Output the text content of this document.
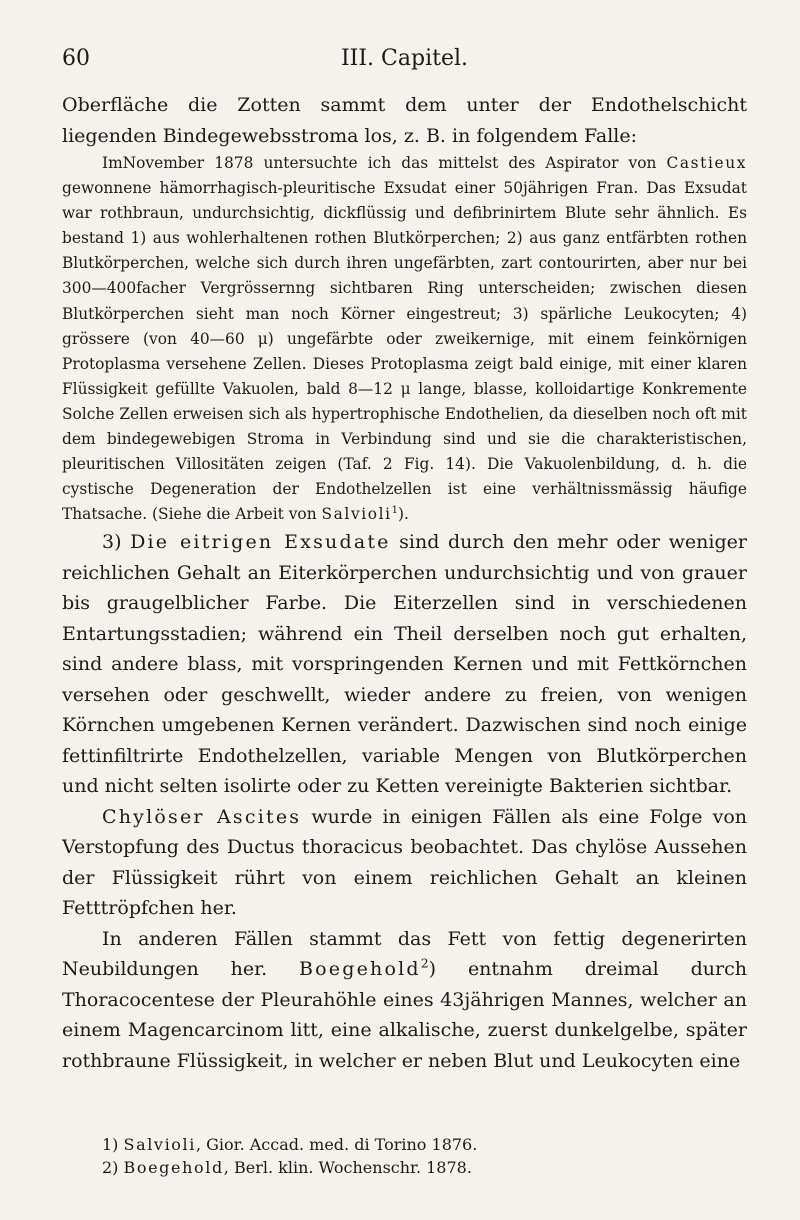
60	III. Capitel.

Oberfläche die Zotten sammt dem unter der Endothelschicht liegenden Bindegewebsstroma los, z. B. in folgendem Falle:

ImNovember 1878 untersuchte ich das mittelst des Aspirator von Castieux gewonnene hämorrhagisch-pleuritische Exsudat einer 50jährigen Fran. Das Exsudat war rothbraun, undurchsichtig, dickflüssig und defibrinirtem Blute sehr ähnlich. Es bestand 1) aus wohlerhaltenen rothen Blutkörperchen; 2) aus ganz entfärbten rothen Blutkörperchen, welche sich durch ihren ungefärbten, zart contourirten, aber nur bei 300—400facher Vergrössernng sichtbaren Ring unterscheiden; zwischen diesen Blutkörperchen sieht man noch Körner eingestreut; 3) spärliche Leukocyten; 4) grössere (von 40—60 μ) ungefärbte oder zweikernige, mit einem feinkörnigen Protoplasma versehene Zellen. Dieses Protoplasma zeigt bald einige, mit einer klaren Flüssigkeit gefüllte Vakuolen, bald 8—12 μ lange, blasse, kolloidartige Konkremente Solche Zellen erweisen sich als hypertrophische Endothelien, da dieselben noch oft mit dem bindegewebigen Stroma in Verbindung sind und sie die charakteristischen, pleuritischen Villositäten zeigen (Taf. 2 Fig. 14). Die Vakuolenbildung, d. h. die cystische Degeneration der Endothelzellen ist eine verhältnissmässig häufige Thatsache. (Siehe die Arbeit von Salvioli$^1$).

3) Die eitrigen Exsudate sind durch den mehr oder weniger reichlichen Gehalt an Eiterkörperchen undurchsichtig und von grauer bis graugelblicher Farbe. Die Eiterzellen sind in verschiedenen Entartungsstadien; während ein Theil derselben noch gut erhalten, sind andere blass, mit vorspringenden Kernen und mit Fettkörnchen versehen oder geschwellt, wieder andere zu freien, von wenigen Körnchen umgebenen Kernen verändert. Dazwischen sind noch einige fettinfiltrirte Endothelzellen, variable Mengen von Blutkörperchen und nicht selten isolirte oder zu Ketten vereinigte Bakterien sichtbar.

Chylöser Ascites wurde in einigen Fällen als eine Folge von Verstopfung des Ductus thoracicus beobachtet. Das chylöse Aussehen der Flüssigkeit rührt von einem reichlichen Gehalt an kleinen Fetttröpfchen her.

In anderen Fällen stammt das Fett von fettig degenerirten Neubildungen her. Boegehold$^2$) entnahm dreimal durch Thoracocentese der Pleurahöhle eines 43jährigen Mannes, welcher an einem Magencarcinom litt, eine alkalische, zuerst dunkelgelbe, später rothbraune Flüssigkeit, in welcher er neben Blut und Leukocyten eine

1) Salvioli, Gior. Accad. med. di Torino 1876.

2) Boegehold, Berl. klin. Wochenschr. 1878.
